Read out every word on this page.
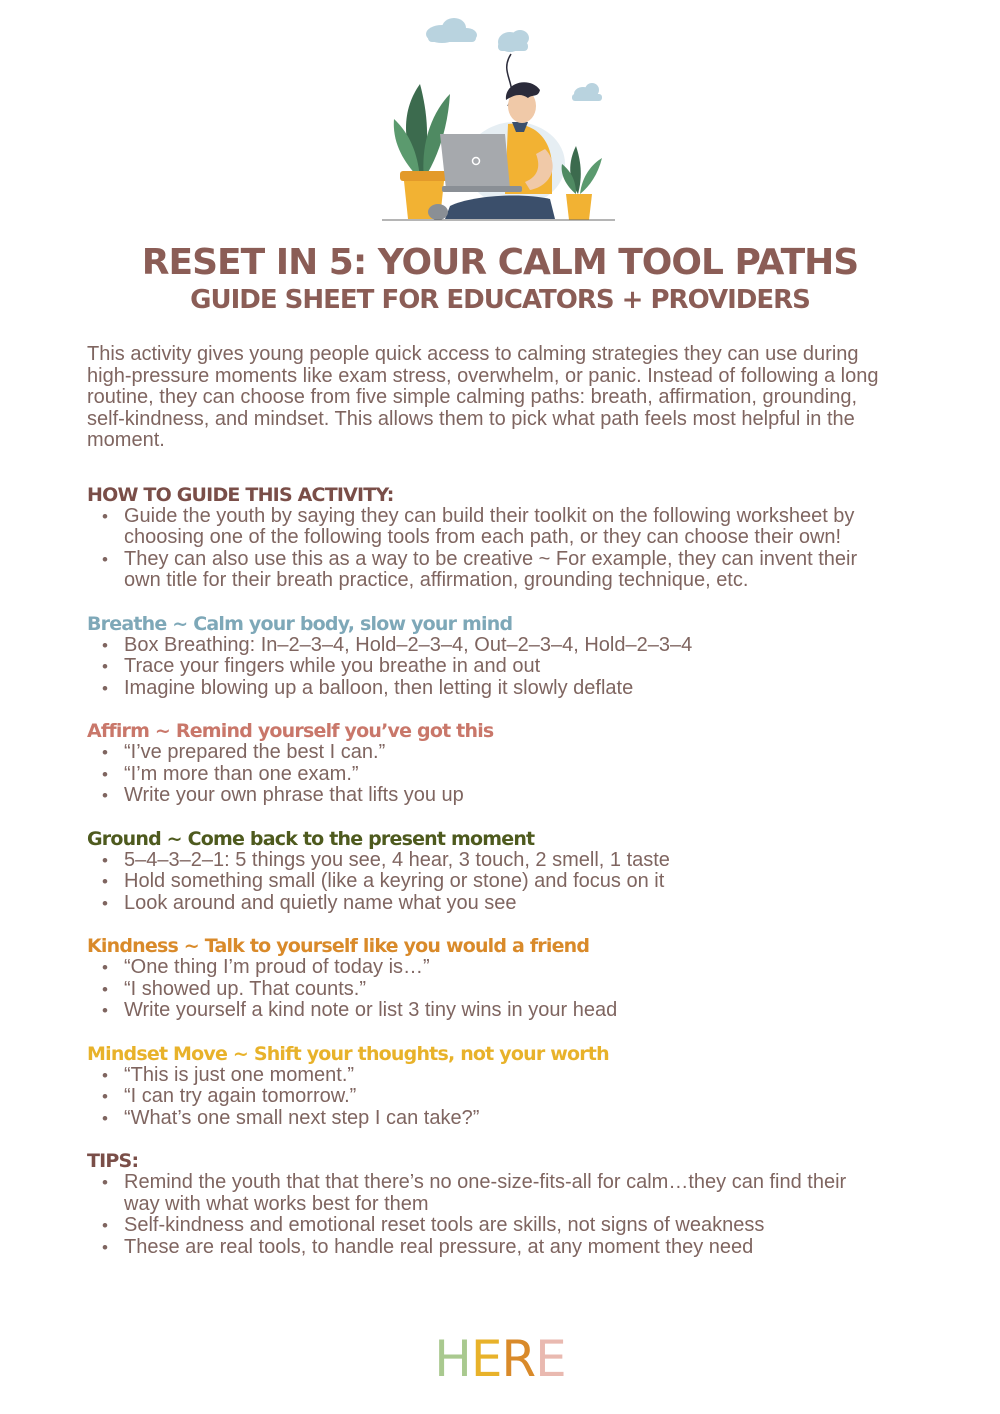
RESET IN 5: YOUR CALM TOOL PATHS
GUIDE SHEET FOR EDUCATORS + PROVIDERS

This activity gives young people quick access to calming strategies they can use during high-pressure moments like exam stress, overwhelm, or panic. Instead of following a long routine, they can choose from five simple calming paths: breath, affirmation, grounding, self-kindness, and mindset. This allows them to pick what path feels most helpful in the moment.

HOW TO GUIDE THIS ACTIVITY:
• Guide the youth by saying they can build their toolkit on the following worksheet by choosing one of the following tools from each path, or they can choose their own!
• They can also use this as a way to be creative ~ For example, they can invent their own title for their breath practice, affirmation, grounding technique, etc.
Breathe ~ Calm your body, slow your mind
• Box Breathing: In–2–3–4, Hold–2–3–4, Out–2–3–4, Hold–2–3–4
• Trace your fingers while you breathe in and out
• Imagine blowing up a balloon, then letting it slowly deflate
Affirm ~ Remind yourself you’ve got this
• “I’ve prepared the best I can.”
• “I’m more than one exam.”
• Write your own phrase that lifts you up
Ground ~ Come back to the present moment
• 5–4–3–2–1: 5 things you see, 4 hear, 3 touch, 2 smell, 1 taste
• Hold something small (like a keyring or stone) and focus on it
• Look around and quietly name what you see
Kindness ~ Talk to yourself like you would a friend
• “One thing I’m proud of today is…”
• “I showed up. That counts.”
• Write yourself a kind note or list 3 tiny wins in your head
Mindset Move ~ Shift your thoughts, not your worth
• “This is just one moment.”
• “I can try again tomorrow.”
• “What’s one small next step I can take?”
TIPS:
• Remind the youth that that there’s no one-size-fits-all for calm…they can find their way with what works best for them
• Self-kindness and emotional reset tools are skills, not signs of weakness
• These are real tools, to handle real pressure, at any moment they need
HERE
